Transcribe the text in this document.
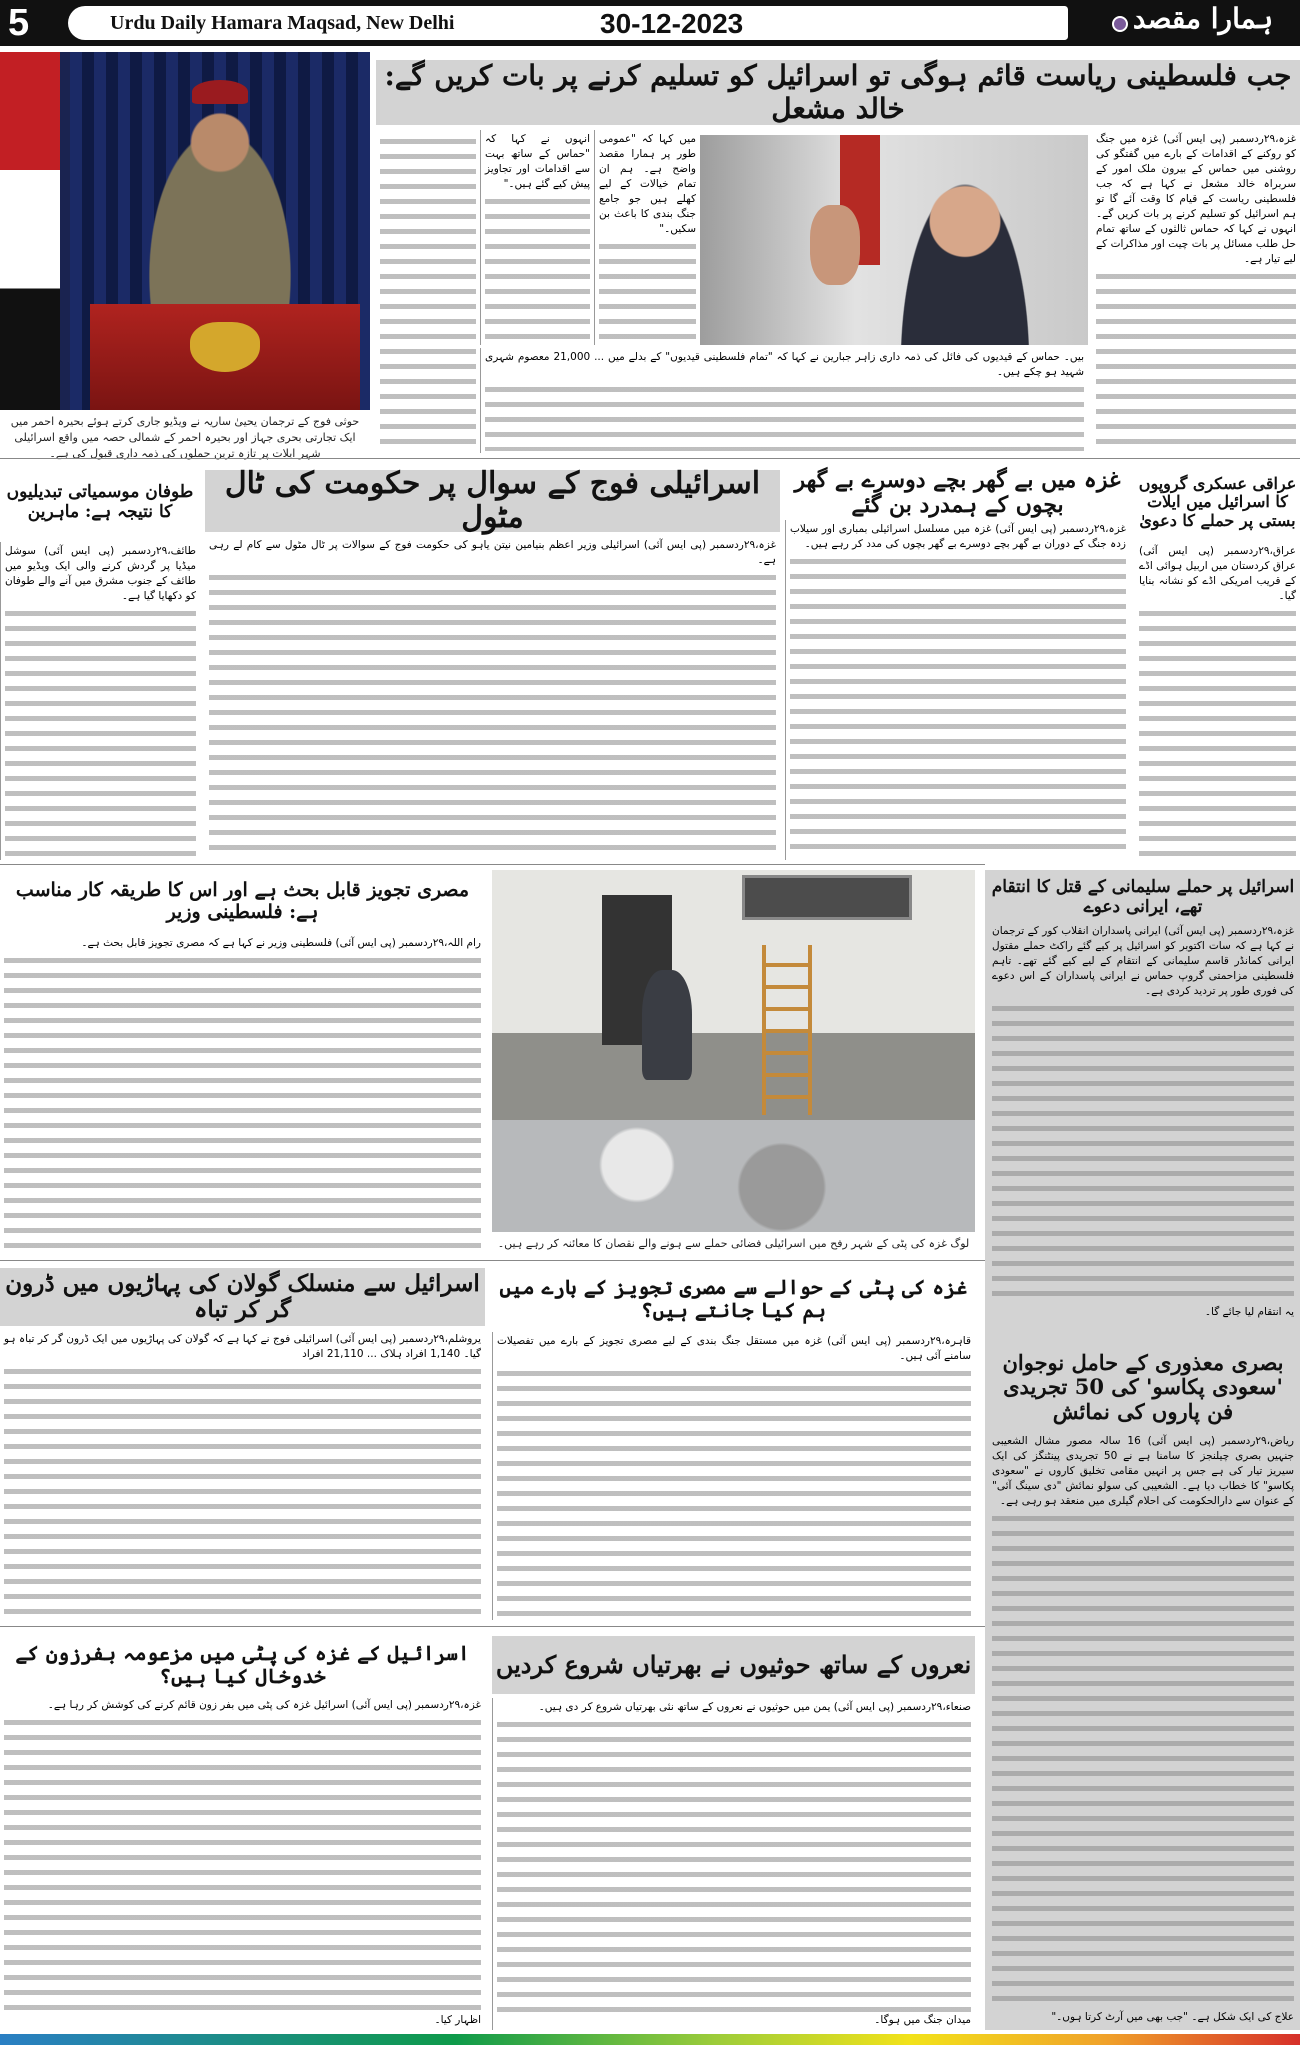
5	Urdu Daily Hamara Maqsad, New Delhi	30-12-2023	ہمارا مقصد
حوثی فوج کے ترجمان یحییٰ ساریہ نے ویڈیو جاری کرتے ہوئے بحیرہ احمر میں ایک تجارتی بحری جہاز اور بحیرہ احمر کے شمالی حصہ میں واقع اسرائیلی شہر ایلات پر تازہ ترین حملوں کی ذمہ داری قبول کی ہے۔
جب فلسطینی ریاست قائم ہوگی تو اسرائیل کو تسلیم کرنے پر بات کریں گے: خالد مشعل

غزہ،۲۹ردسمبر (پی ایس آئی) غزہ میں جنگ کو روکنے کے اقدامات کے بارے میں گفتگو کی روشنی میں حماس کے بیرون ملک امور کے سربراہ خالد مشعل نے کہا ہے کہ جب فلسطینی ریاست کے قیام کا وقت آئے گا تو ہم اسرائیل کو تسلیم کرنے پر بات کریں گے۔ انہوں نے کہا کہ حماس ثالثوں کے ساتھ تمام حل طلب مسائل پر بات چیت اور مذاکرات کے لیے تیار ہے۔

میں کہا کہ "عمومی طور پر ہمارا مقصد واضح ہے۔ ہم ان تمام خیالات کے لیے کھلے ہیں جو جامع جنگ بندی کا باعث بن سکیں۔"

انہوں نے کہا کہ "حماس کے ساتھ بہت سے اقدامات اور تجاویز پیش کیے گئے ہیں۔"

بیں۔ حماس کے قیدیوں کی فائل کی ذمہ داری زاہر جبارین نے کہا کہ "تمام فلسطینی قیدیوں" کے بدلے میں ... 21,000 معصوم شہری شہید ہو چکے ہیں۔

عراقی عسکری گروپوں کا اسرائیل میں ایلات بستی پر حملے کا دعویٰ

عراق،۲۹ردسمبر (پی ایس آئی) عراق کردستان میں اربیل ہوائی اڈے کے قریب امریکی اڈے کو نشانہ بنایا گیا۔

غزہ میں بے گھر بچے دوسرے بے گھر بچوں کے ہمدرد بن گئے

غزہ،۲۹ردسمبر (پی ایس آئی) غزہ میں مسلسل اسرائیلی بمباری اور سیلاب زدہ جنگ کے دوران بے گھر بچے دوسرے بے گھر بچوں کی مدد کر رہے ہیں۔

اسرائیلی فوج کے سوال پر حکومت کی ٹال مٹول

غزہ،۲۹ردسمبر (پی ایس آئی) اسرائیلی وزیر اعظم بنیامین نیتن یاہو کی حکومت فوج کے سوالات پر ٹال مٹول سے کام لے رہی ہے۔

طوفان موسمیاتی تبدیلیوں کا نتیجہ ہے: ماہرین

طائف،۲۹ردسمبر (پی ایس آئی) سوشل میڈیا پر گردش کرنے والی ایک ویڈیو میں طائف کے جنوب مشرق میں آنے والے طوفان کو دکھایا گیا ہے۔

مصری تجویز قابل بحث ہے اور اس کا طریقہ کار مناسب ہے: فلسطینی وزیر

رام اللہ،۲۹ردسمبر (پی ایس آئی) فلسطینی وزیر نے کہا ہے کہ مصری تجویز قابل بحث ہے۔

لوگ غزہ کی پٹی کے شہر رفح میں اسرائیلی فضائی حملے سے ہونے والے نقصان کا معائنہ کر رہے ہیں۔
اسرائیل پر حملے سلیمانی کے قتل کا انتقام تھے، ایرانی دعوے

غزہ،۲۹ردسمبر (پی ایس آئی) ایرانی پاسداران انقلاب کور کے ترجمان نے کہا ہے کہ سات اکتوبر کو اسرائیل پر کیے گئے راکٹ حملے مقتول ایرانی کمانڈر قاسم سلیمانی کے انتقام کے لیے کیے گئے تھے۔ تاہم فلسطینی مزاحمتی گروپ حماس نے ایرانی پاسداران کے اس دعوے کی فوری طور پر تردید کردی ہے۔

یہ انتقام لیا جائے گا۔

بصری معذوری کے حامل نوجوان 'سعودی پکاسو' کی 50 تجریدی فن پاروں کی نمائش

ریاض،۲۹ردسمبر (پی ایس آئی) 16 سالہ مصور مشال الشعیبی جنہیں بصری چیلنجز کا سامنا ہے نے 50 تجریدی پینٹنگز کی ایک سیریز تیار کی ہے جس پر انہیں مقامی تخلیق کاروں نے "سعودی پکاسو" کا خطاب دیا ہے۔ الشعیبی کی سولو نمائش "دی سینگ آئی" کے عنوان سے دارالحکومت کی احلام گیلری میں منعقد ہو رہی ہے۔

علاج کی ایک شکل ہے۔ "جب بھی میں آرٹ کرتا ہوں۔"

اسرائیل سے منسلک گولان کی پہاڑیوں میں ڈرون گر کر تباہ

یروشلم،۲۹ردسمبر (پی ایس آئی) اسرائیلی فوج نے کہا ہے کہ گولان کی پہاڑیوں میں ایک ڈرون گر کر تباہ ہو گیا۔ 1,140 افراد ہلاک ... 21,110 افراد

غزہ کی پٹی کے حوالے سے مصری تجویز کے بارے میں ہم کیا جانتے ہیں؟

قاہرہ،۲۹ردسمبر (پی ایس آئی) غزہ میں مستقل جنگ بندی کے لیے مصری تجویز کے بارے میں تفصیلات سامنے آئی ہیں۔

اسرائیل کے غزہ کی پٹی میں مزعومہ بفرزون کے خدوخال کیا ہیں؟

غزہ،۲۹ردسمبر (پی ایس آئی) اسرائیل غزہ کی پٹی میں بفر زون قائم کرنے کی کوشش کر رہا ہے۔

اظہار کیا۔

نعروں کے ساتھ حوثیوں نے بھرتیاں شروع کردیں

صنعاء،۲۹ردسمبر (پی ایس آئی) یمن میں حوثیوں نے نعروں کے ساتھ نئی بھرتیاں شروع کر دی ہیں۔

میدان جنگ میں ہوگا۔
